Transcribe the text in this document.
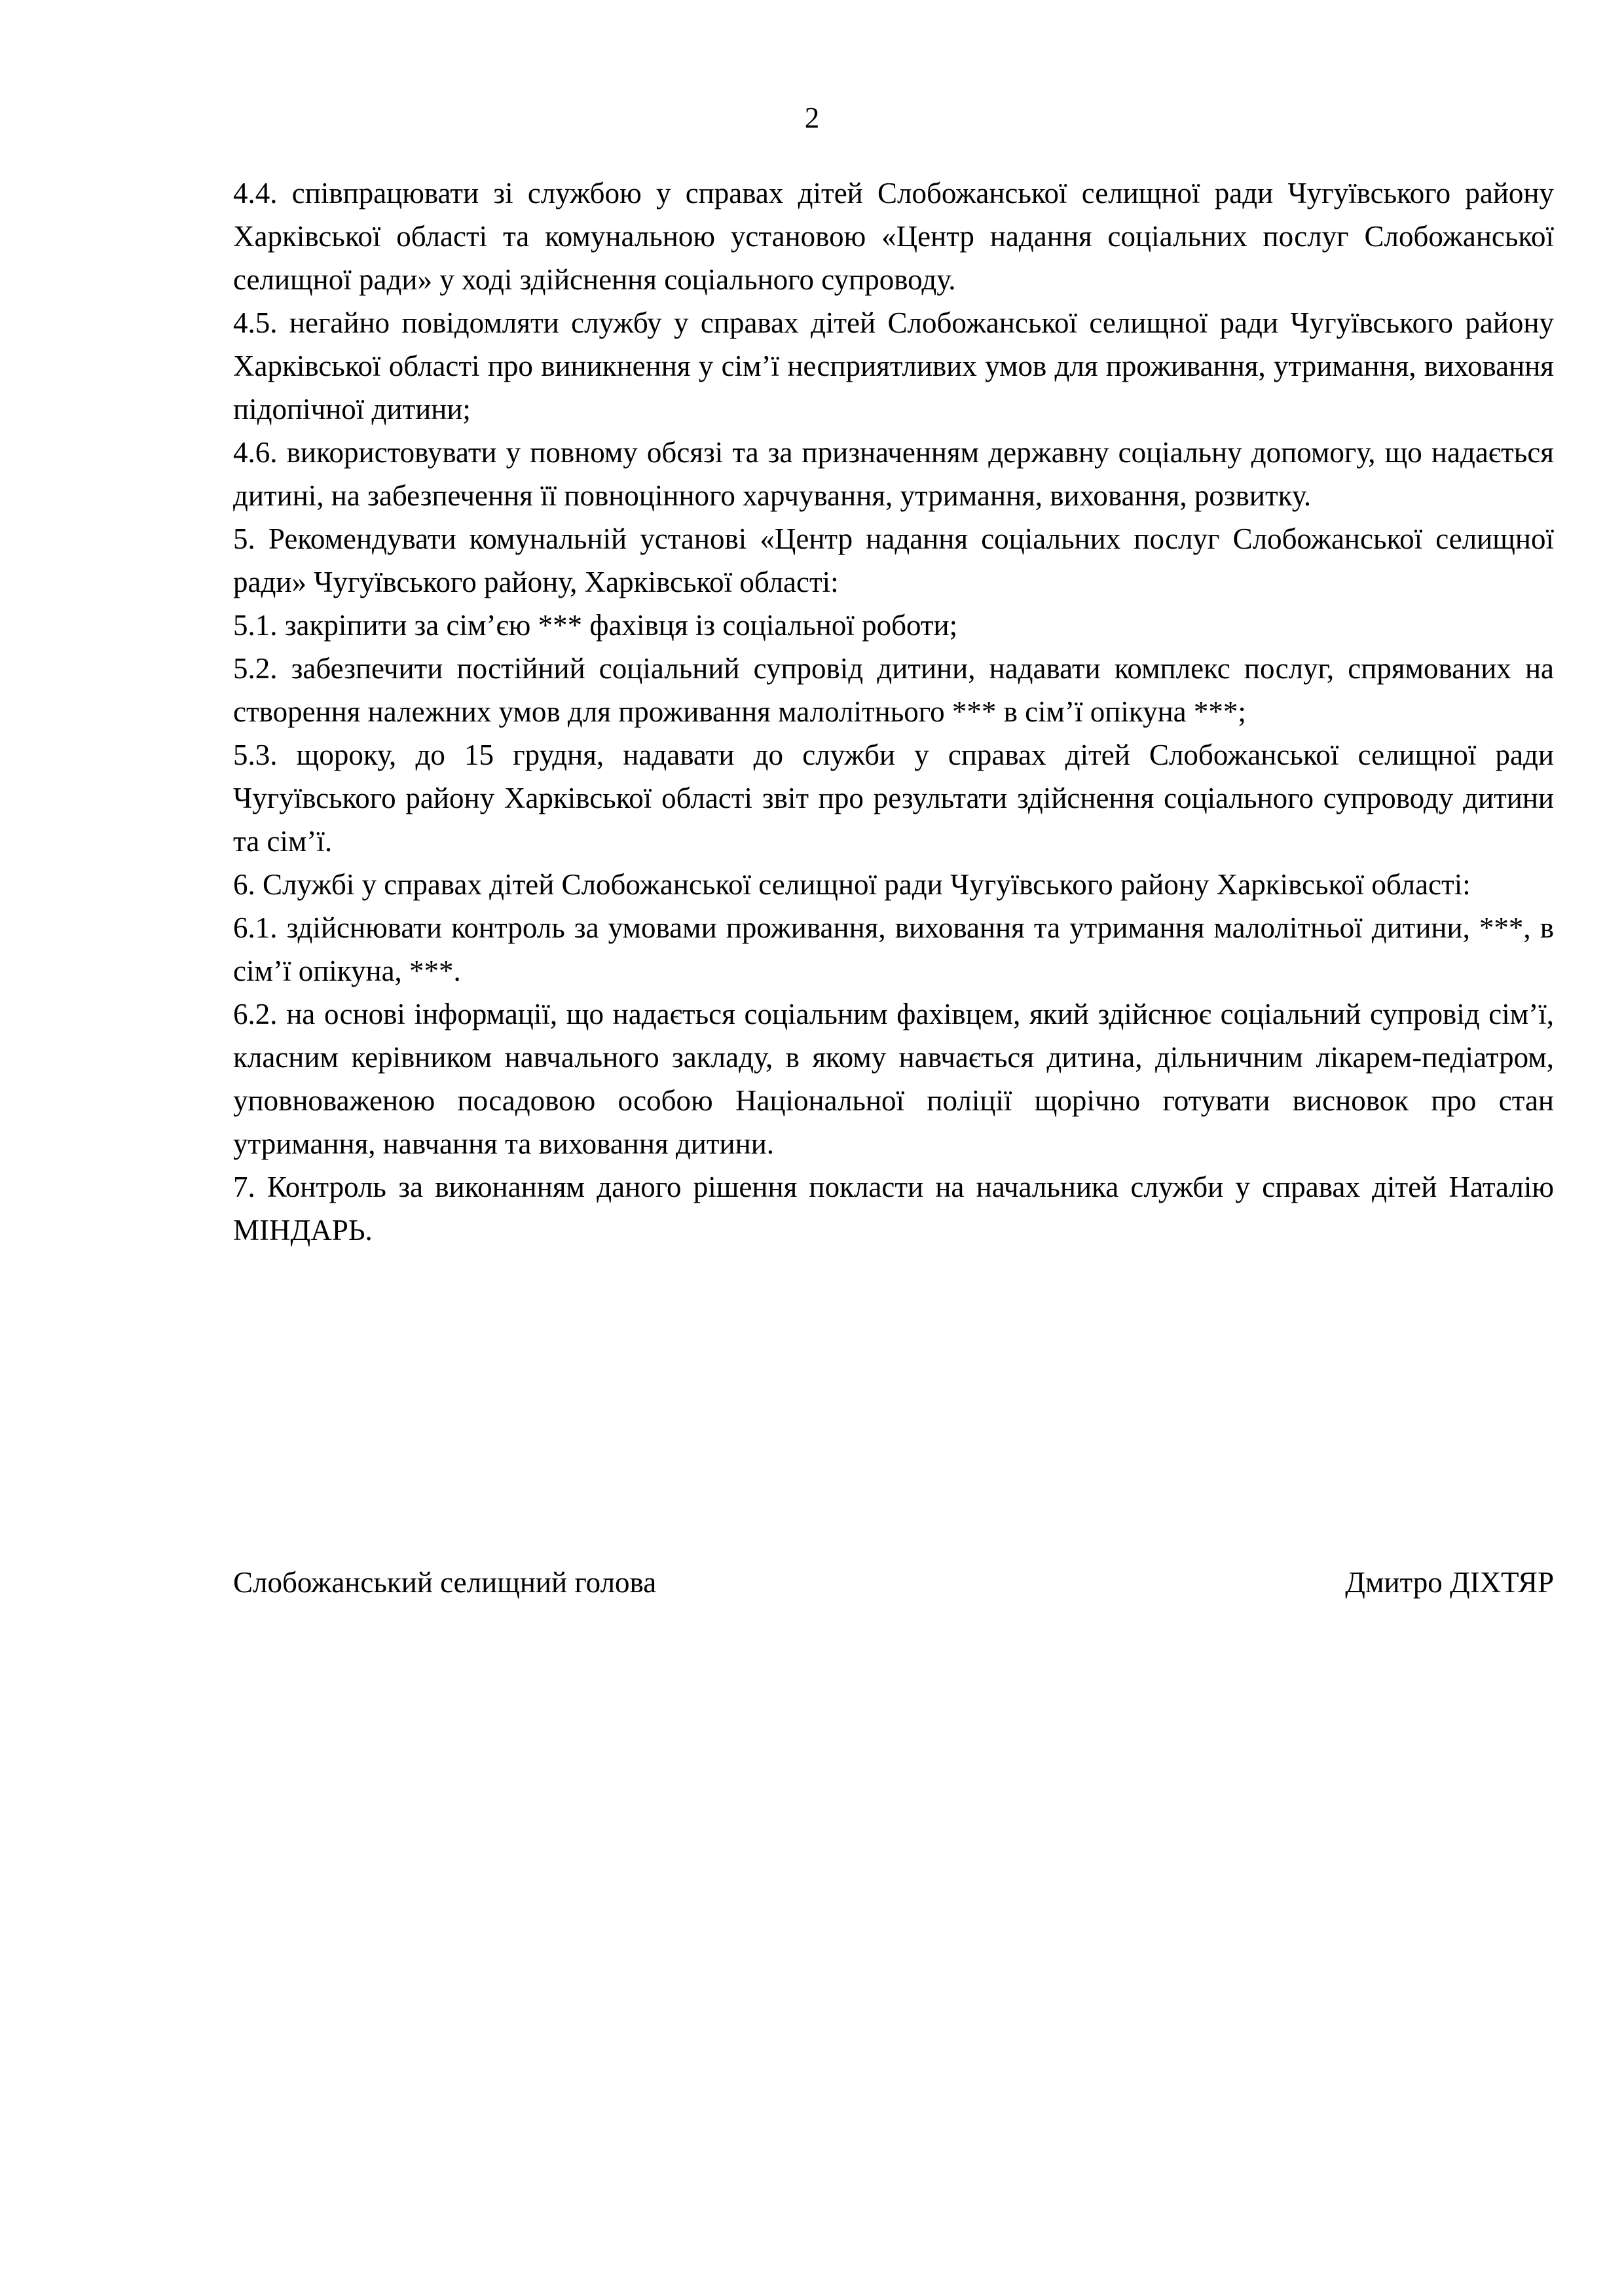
2

4.4. співпрацювати зі службою у справах дітей Слобожанської селищної ради Чугуївського району Харківської області та комунальною установою «Центр надання соціальних послуг Слобожанської селищної ради» у ході здійснення соціального супроводу.

4.5. негайно повідомляти службу у справах дітей Слобожанської селищної ради Чугуївського району Харківської області про виникнення у сім’ї несприятливих умов для проживання, утримання, виховання підопічної дитини;

4.6. використовувати у повному обсязі та за призначенням державну соціальну допомогу, що надається дитині, на забезпечення її повноцінного харчування, утримання, виховання, розвитку.

5. Рекомендувати комунальній установі «Центр надання соціальних послуг Слобожанської селищної ради» Чугуївського району, Харківської області:

5.1. закріпити за сім’єю *** фахівця із соціальної роботи;

5.2. забезпечити постійний соціальний супровід дитини, надавати комплекс послуг, спрямованих на створення належних умов для проживання малолітнього *** в сім’ї опікуна ***;

5.3. щороку, до 15 грудня, надавати до служби у справах дітей Слобожанської селищної ради Чугуївського району Харківської області звіт про результати здійснення соціального супроводу дитини та сім’ї.

6. Службі у справах дітей Слобожанської селищної ради Чугуївського району Харківської області:

6.1. здійснювати контроль за умовами проживання, виховання та утримання малолітньої дитини, ***, в сім’ї опікуна, ***.

6.2. на основі інформації, що надається соціальним фахівцем, який здійснює соціальний супровід сім’ї, класним керівником навчального закладу, в якому навчається дитина, дільничним лікарем-педіатром, уповноваженою посадовою особою Національної поліції щорічно готувати висновок про стан утримання, навчання та виховання дитини.

7. Контроль за виконанням даного рішення покласти на начальника служби у справах дітей Наталію МІНДАРЬ.

Слобожанський селищний голова	Дмитро ДІХТЯР
